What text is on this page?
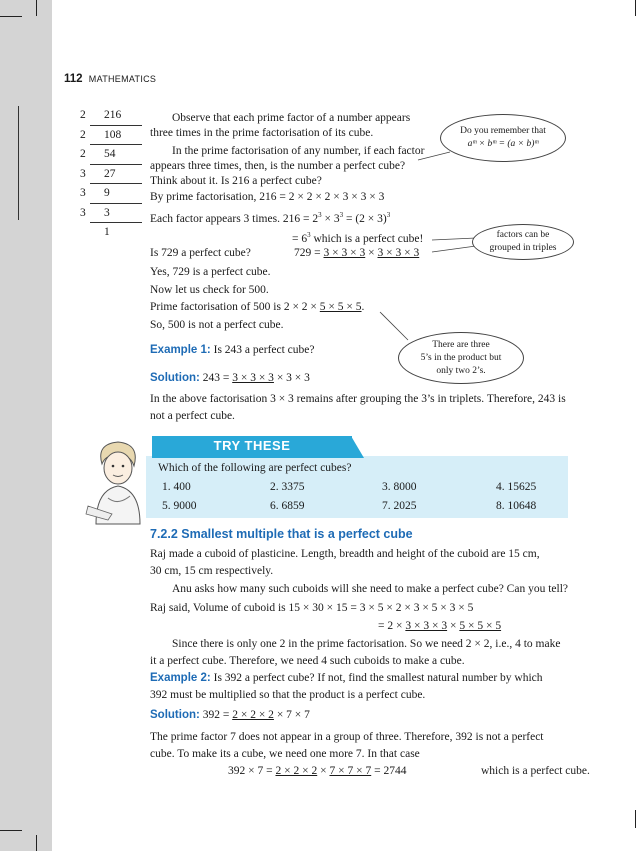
112 MATHEMATICS
2 216
2 108
2 54
3 27
3 9
3 3
1
Observe that each prime factor of a number appears
three times in the prime factorisation of its cube.
In the prime factorisation of any number, if each factor
appears three times, then, is the number a perfect cube?
Think about it. Is 216 a perfect cube?
By prime factorisation, 216 = 2 × 2 × 2 × 3 × 3 × 3
Each factor appears 3 times. $216 = 2^3 \times 3^3 = (2 \times 3)^3$
= $6^3$ which is a perfect cube!
Is 729 a perfect cube?	729 = 3 × 3 × 3 × 3 × 3 × 3
Yes, 729 is a perfect cube.
Now let us check for 500.
Prime factorisation of 500 is 2 × 2 × 5 × 5 × 5.
So, 500 is not a perfect cube.
Do you remember that
aᵐ × bᵐ = (a × b)ᵐ
factors can be
grouped in triples
There are three
5’s in the product but
only two 2’s.
Example 1: Is 243 a perfect cube?
Solution: 243 = 3 × 3 × 3 × 3 × 3
In the above factorisation 3 × 3 remains after grouping the 3’s in triplets. Therefore, 243 is
not a perfect cube.
TRY THESE
Which of the following are perfect cubes?
1. 400	2. 3375	3. 8000	4. 15625
5. 9000	6. 6859	7. 2025	8. 10648
7.2.2 Smallest multiple that is a perfect cube
Raj made a cuboid of plasticine. Length, breadth and height of the cuboid are 15 cm,
30 cm, 15 cm respectively.
Anu asks how many such cuboids will she need to make a perfect cube? Can you tell?
Raj said, Volume of cuboid is 15 × 30 × 15 = 3 × 5 × 2 × 3 × 5 × 3 × 5
= 2 × 3 × 3 × 3 × 5 × 5 × 5
Since there is only one 2 in the prime factorisation. So we need 2 × 2, i.e., 4 to make
it a perfect cube. Therefore, we need 4 such cuboids to make a cube.
Example 2: Is 392 a perfect cube? If not, find the smallest natural number by which
392 must be multiplied so that the product is a perfect cube.
Solution: 392 = 2 × 2 × 2 × 7 × 7
The prime factor 7 does not appear in a group of three. Therefore, 392 is not a perfect
cube. To make its a cube, we need one more 7. In that case
392 × 7 = 2 × 2 × 2 × 7 × 7 × 7 = 2744	which is a perfect cube.
